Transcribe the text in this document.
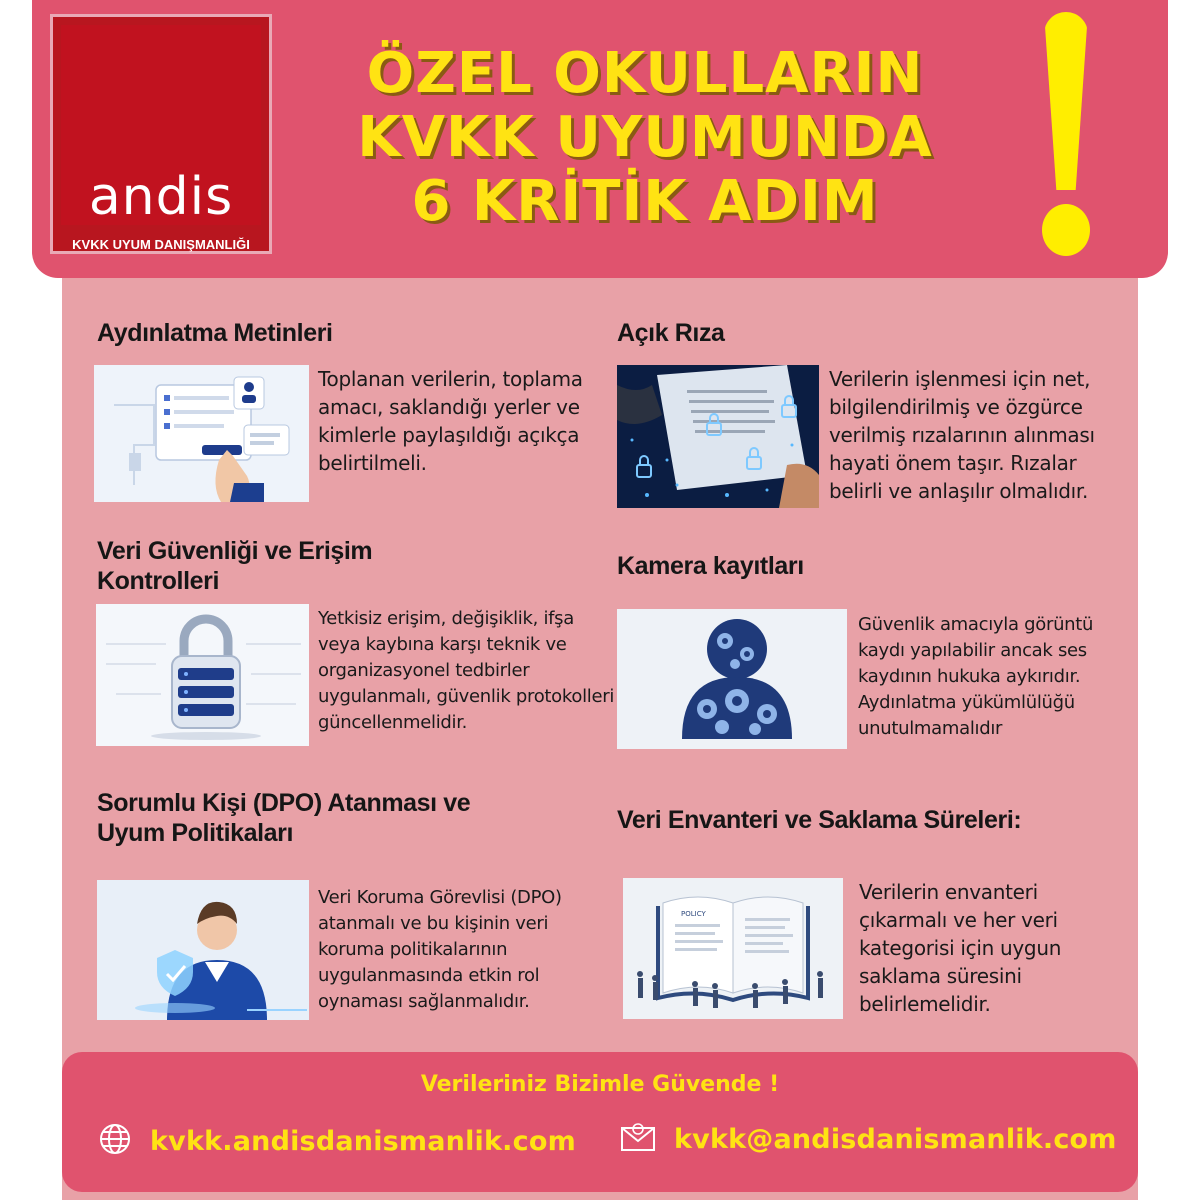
andis
KVKK UYUM DANIŞMANLIĞI
ÖZEL OKULLARIN
KVKK UYUMUNDA
6 KRİTİK ADIM
Aydınlatma Metinleri
Toplanan verilerin, toplama amacı, saklandığı yerler ve kimlerle paylaşıldığı açıkça belirtilmeli.
Açık Rıza
Verilerin işlenmesi için net, bilgilendirilmiş ve özgürce verilmiş rızalarının alınması hayati önem taşır. Rızalar belirli ve anlaşılır olmalıdır.
Veri Güvenliği ve Erişim Kontrolleri
Yetkisiz erişim, değişiklik, ifşa veya kaybına karşı teknik ve organizasyonel tedbirler uygulanmalı, güvenlik protokolleri güncellenmelidir.
Kamera kayıtları
Güvenlik amacıyla görüntü kaydı yapılabilir ancak ses kaydının hukuka aykırıdır. Aydınlatma yükümlülüğü unutulmamalıdır
Sorumlu Kişi (DPO) Atanması ve Uyum Politikaları
Veri Koruma Görevlisi (DPO) atanmalı ve bu kişinin veri koruma politikalarının uygulanmasında etkin rol oynaması sağlanmalıdır.
Veri Envanteri ve Saklama Süreleri:
POLICY
Verilerin envanteri çıkarmalı ve her veri kategorisi için uygun saklama süresini belirlemelidir.
Verileriniz Bizimle Güvende !
kvkk.andisdanismanlik.com	kvkk@andisdanismanlik.com
